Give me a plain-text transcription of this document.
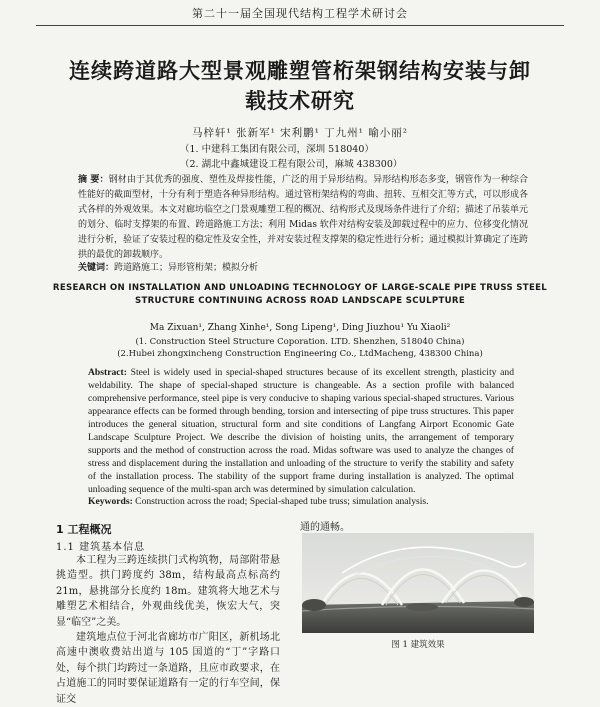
第二十一届全国现代结构工程学术研讨会
连续跨道路大型景观雕塑管桁架钢结构安装与卸载技术研究
马梓轩¹ 张新军¹ 宋利鹏¹ 丁九州¹ 喻小丽²
（1. 中建科工集团有限公司，深圳 518040）
（2. 湖北中鑫城建设工程有限公司，麻城 438300）
摘 要：钢材由于其优秀的强度、塑性及焊接性能，广泛的用于异形结构。异形结构形态多变，钢管作为一种综合性能好的截面型材，十分有利于塑造各种异形结构。通过管桁架结构的弯曲、扭转、互相交汇等方式，可以形成各式各样的外观效果。本文对廊坊临空之门景观雕塑工程的概况、结构形式及现场条件进行了介绍；描述了吊装单元的划分、临时支撑架的布置、跨道路施工方法；利用 Midas 软件对结构安装及卸载过程中的应力、位移变化情况进行分析，验证了安装过程的稳定性及安全性，并对安装过程支撑架的稳定性进行分析；通过模拟计算确定了连跨拱的最优的卸载顺序。
关键词：跨道路施工；异形管桁架；模拟分析
RESEARCH ON INSTALLATION AND UNLOADING TECHNOLOGY OF LARGE-SCALE PIPE TRUSS STEEL STRUCTURE CONTINUING ACROSS ROAD LANDSCAPE SCULPTURE
Ma Zixuan¹, Zhang Xinhe¹, Song Lipeng¹, Ding Jiuzhou¹ Yu Xiaoli²
(1. Construction Steel Structure Coporation. LTD. Shenzhen, 518040 China)
(2.Hubei zhongxincheng Construction Engineering Co., LtdMacheng, 438300 China)
Abstract: Steel is widely used in special-shaped structures because of its excellent strength, plasticity and weldability. The shape of special-shaped structure is changeable. As a section profile with balanced comprehensive performance, steel pipe is very conducive to shaping various special-shaped structures. Various appearance effects can be formed through bending, torsion and intersecting of pipe truss structures. This paper introduces the general situation, structural form and site conditions of Langfang Airport Economic Gate Landscape Sculpture Project. We describe the division of hoisting units, the arrangement of temporary supports and the method of construction across the road. Midas software was used to analyze the changes of stress and displacement during the installation and unloading of the structure to verify the stability and safety of the installation process. The stability of the support frame during installation is analyzed. The optimal unloading sequence of the multi-span arch was determined by simulation calculation.
Keywords: Construction across the road; Special-shaped tube truss; simulation analysis.
1 工程概况
1.1 建筑基本信息

本工程为三跨连续拱门式构筑物，局部附带悬挑造型。拱门跨度约 38m，结构最高点标高约 21m，悬挑部分长度约 18m。建筑将大地艺术与雕塑艺术相结合，外观曲线优美，恢宏大气，突显“临空”之美。

建筑地点位于河北省廊坊市广阳区，新机场北高速中澳收费站出道与 105 国道的“丁”字路口处，每个拱门均跨过一条道路，且应市政要求，在占道施工的同时要保证道路有一定的行车空间，保证交

通的通畅。
图 1 建筑效果
